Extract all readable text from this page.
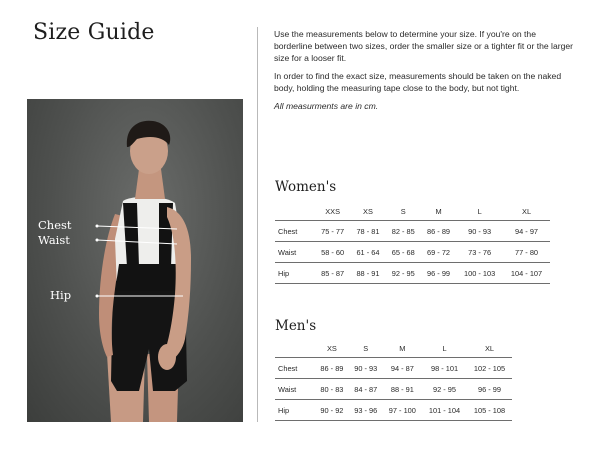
Size Guide
Chest
Waist
Hip

Use the measurements below to determine your size. If you're on the borderline between two sizes, order the smaller size or a tighter fit or the larger size for a looser fit.

In order to find the exact size, measurements should be taken on the naked body, holding the measuring tape close to the body, but not tight.

All measurments are in cm.

Women's
	XXS	XS	S	M	L	XL
Chest	75 - 77	78 - 81	82 - 85	86 - 89	90 - 93	94 - 97
Waist	58 - 60	61 - 64	65 - 68	69 - 72	73 - 76	77 - 80
Hip	85 - 87	88 - 91	92 - 95	96 - 99	100 - 103	104 - 107
Men's
	XS	S	M	L	XL
Chest	86 - 89	90 - 93	94 - 87	98 - 101	102 - 105
Waist	80 - 83	84 - 87	88 - 91	92 - 95	96 - 99
Hip	90 - 92	93 - 96	97 - 100	101 - 104	105 - 108
